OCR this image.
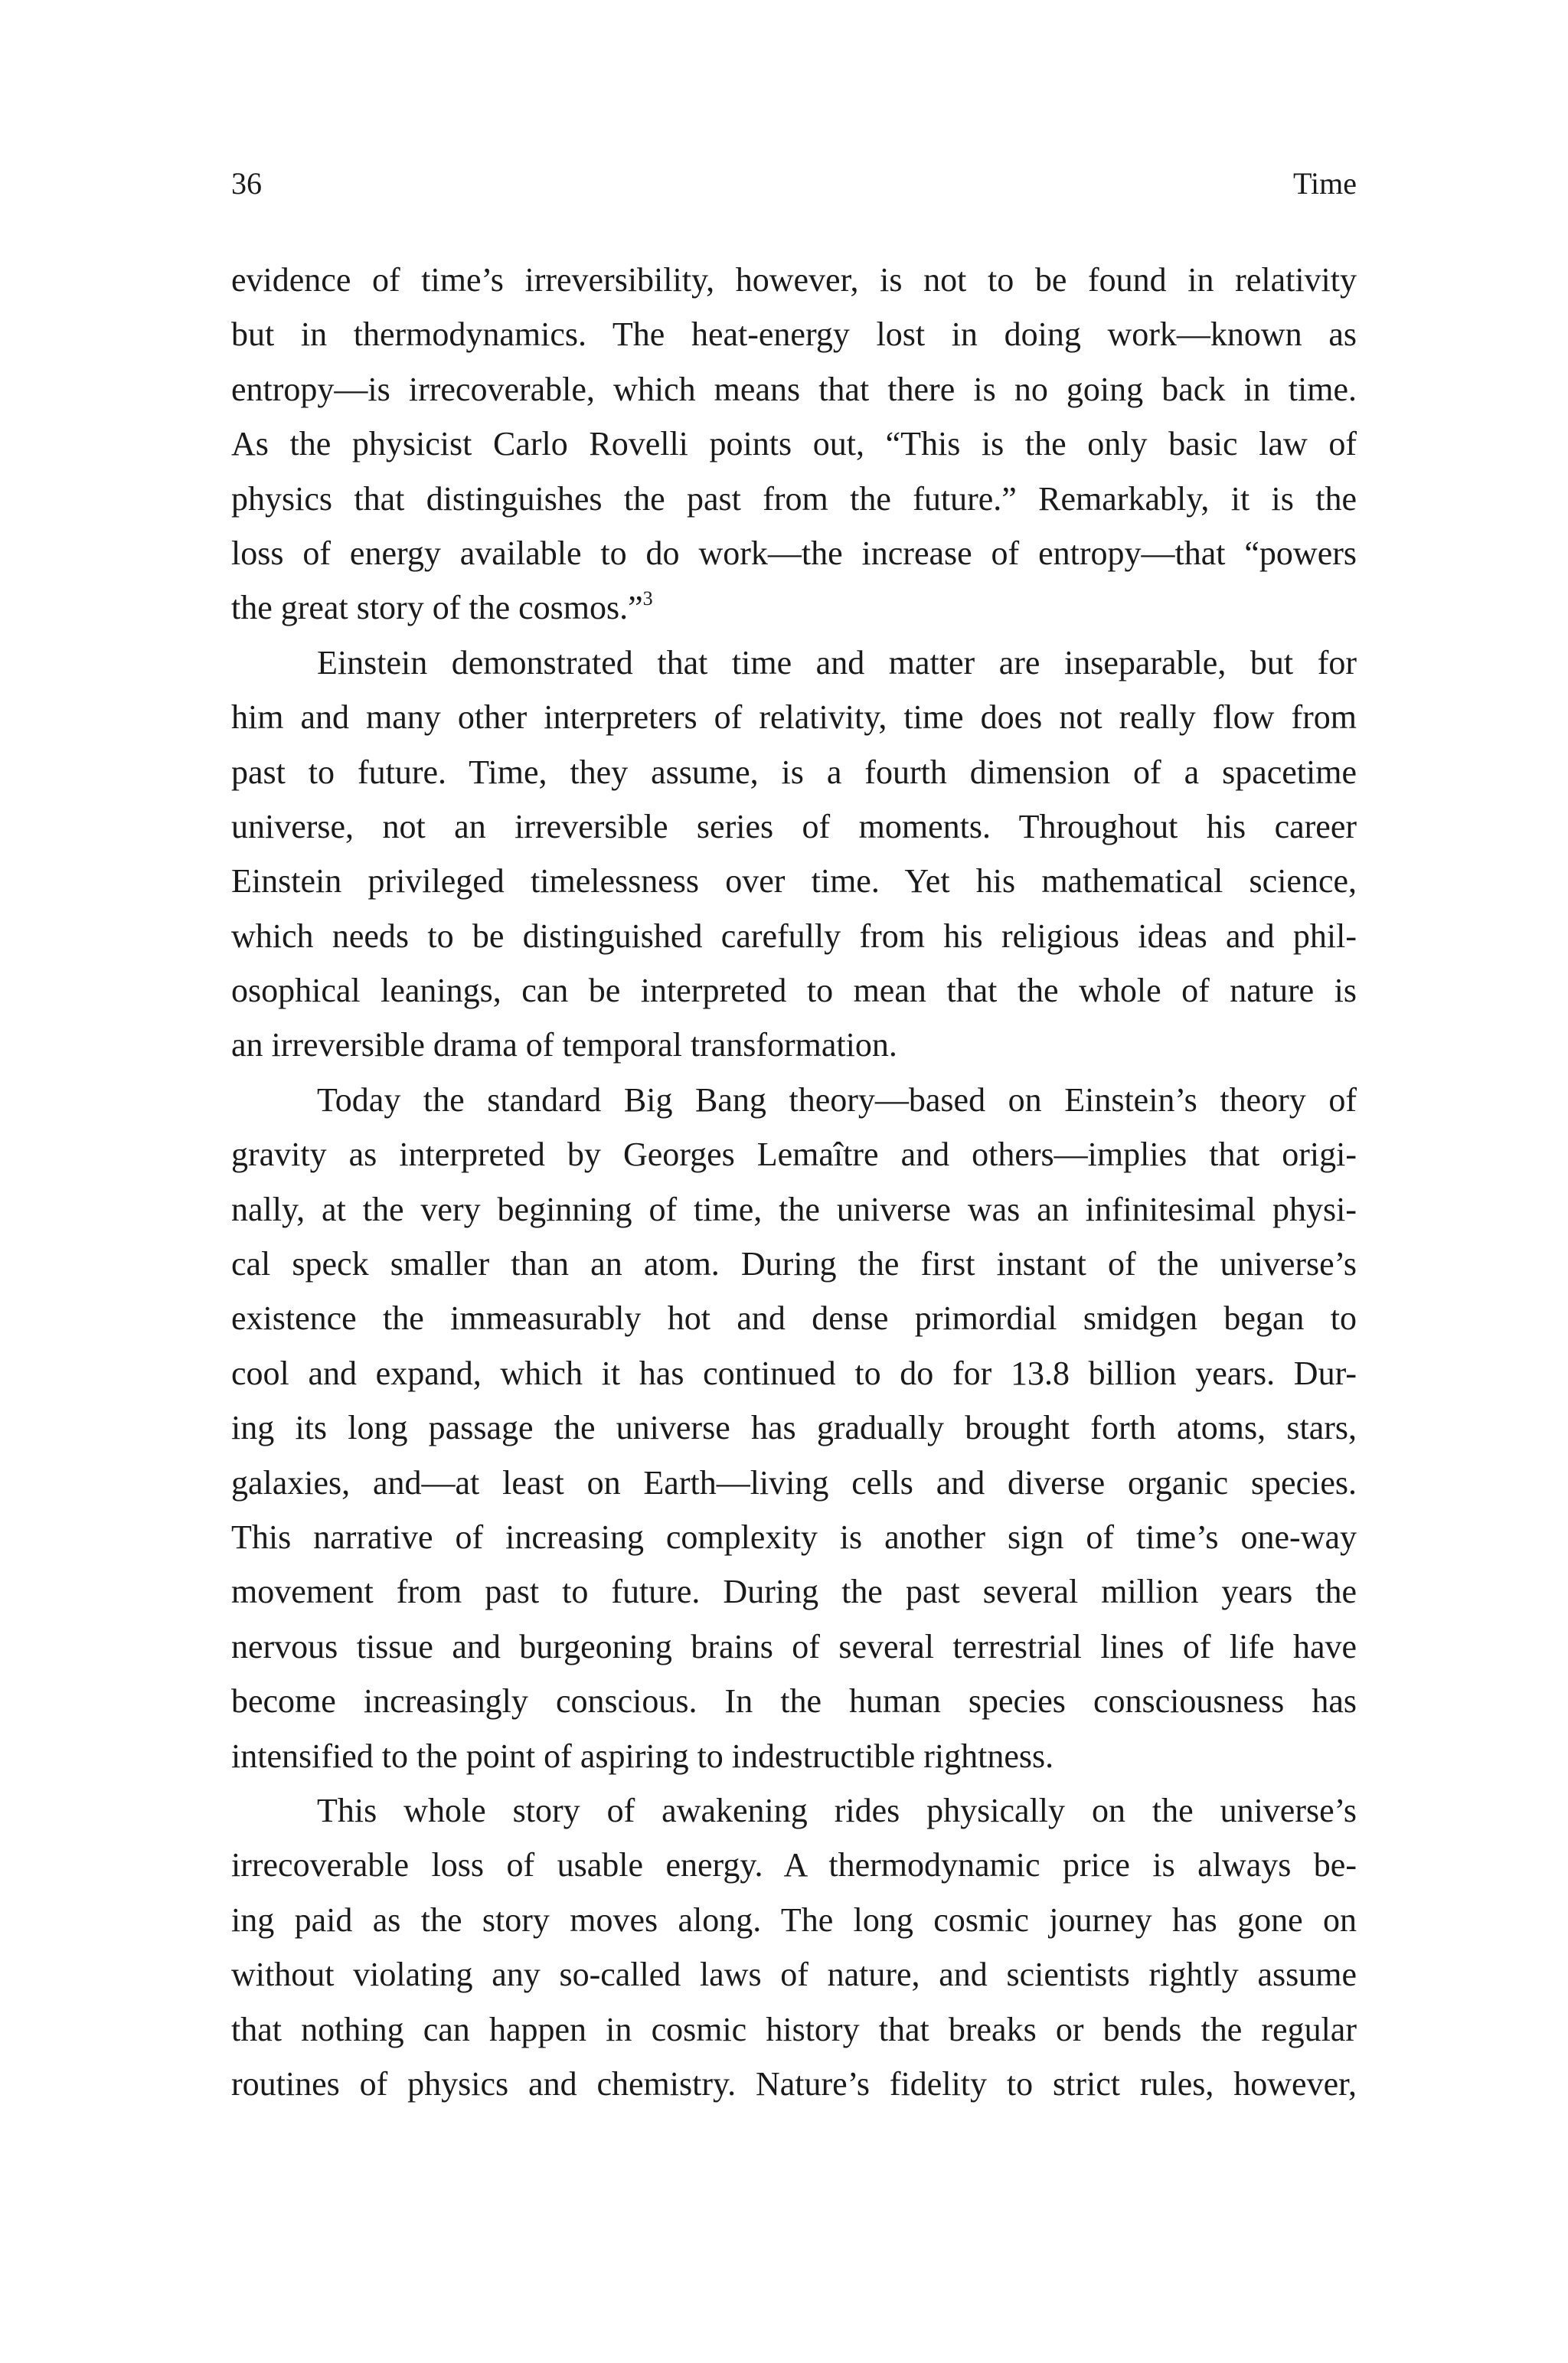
36	Time
evidence of time’s irreversibility, however, is not to be found in relativity
but in thermodynamics. The heat-energy lost in doing work—known as
entropy—is irrecoverable, which means that there is no going back in time.
As the physicist Carlo Rovelli points out, “This is the only basic law of
physics that distinguishes the past from the future.” Remarkably, it is the
loss of energy available to do work—the increase of entropy—that “powers
the great story of the cosmos.”$^3$
Einstein demonstrated that time and matter are inseparable, but for
him and many other interpreters of relativity, time does not really flow from
past to future. Time, they assume, is a fourth dimension of a spacetime
universe, not an irreversible series of moments. Throughout his career
Einstein privileged timelessness over time. Yet his mathematical science,
which needs to be distinguished carefully from his religious ideas and phil-
osophical leanings, can be interpreted to mean that the whole of nature is
an irreversible drama of temporal transformation.
Today the standard Big Bang theory—based on Einstein’s theory of
gravity as interpreted by Georges Lemaître and others—implies that origi-
nally, at the very beginning of time, the universe was an infinitesimal physi-
cal speck smaller than an atom. During the first instant of the universe’s
existence the immeasurably hot and dense primordial smidgen began to
cool and expand, which it has continued to do for 13.8 billion years. Dur-
ing its long passage the universe has gradually brought forth atoms, stars,
galaxies, and—at least on Earth—living cells and diverse organic species.
This narrative of increasing complexity is another sign of time’s one-way
movement from past to future. During the past several million years the
nervous tissue and burgeoning brains of several terrestrial lines of life have
become increasingly conscious. In the human species consciousness has
intensified to the point of aspiring to indestructible rightness.
This whole story of awakening rides physically on the universe’s
irrecoverable loss of usable energy. A thermodynamic price is always be-
ing paid as the story moves along. The long cosmic journey has gone on
without violating any so-called laws of nature, and scientists rightly assume
that nothing can happen in cosmic history that breaks or bends the regular
routines of physics and chemistry. Nature’s fidelity to strict rules, however,
